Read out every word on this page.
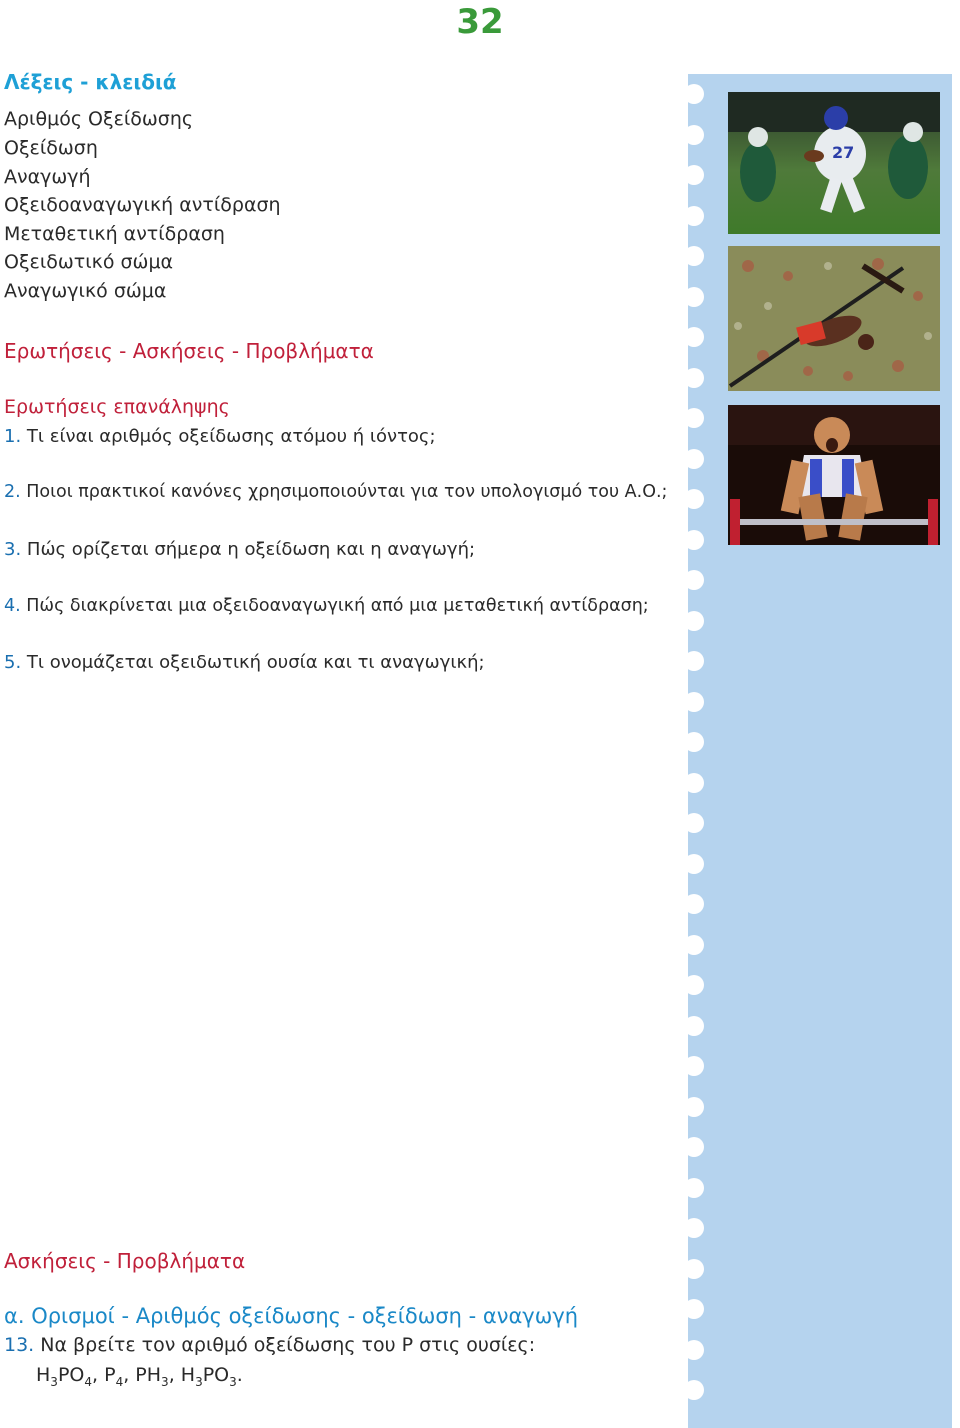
32
Λέξεις - κλειδιά
Αριθμός Οξείδωσης
Οξείδωση
Αναγωγή
Οξειδοαναγωγική αντίδραση
Μεταθετική αντίδραση
Οξειδωτικό σώμα
Αναγωγικό σώμα
Ερωτήσεις - Ασκήσεις - Προβλήματα
Ερωτήσεις επανάληψης
1. Τι είναι αριθμός οξείδωσης ατόμου ή ιόντος;
2. Ποιοι πρακτικοί κανόνες χρησιμοποιούνται για τον υπολογισμό του Α.Ο.;
3. Πώς ορίζεται σήμερα η οξείδωση και η αναγωγή;
4. Πώς διακρίνεται μια οξειδοαναγωγική από μια μεταθετική αντίδραση;
5. Τι ονομάζεται οξειδωτική ουσία και τι αναγωγική;
Ασκήσεις - Προβλήματα
α. Ορισμοί - Αριθμός οξείδωσης - οξείδωση - αναγωγή
13. Να βρείτε τον αριθμό οξείδωσης του P στις ουσίες:
$H_3PO_4$, $P_4$, $PH_3$, $H_3PO_3$.
27
